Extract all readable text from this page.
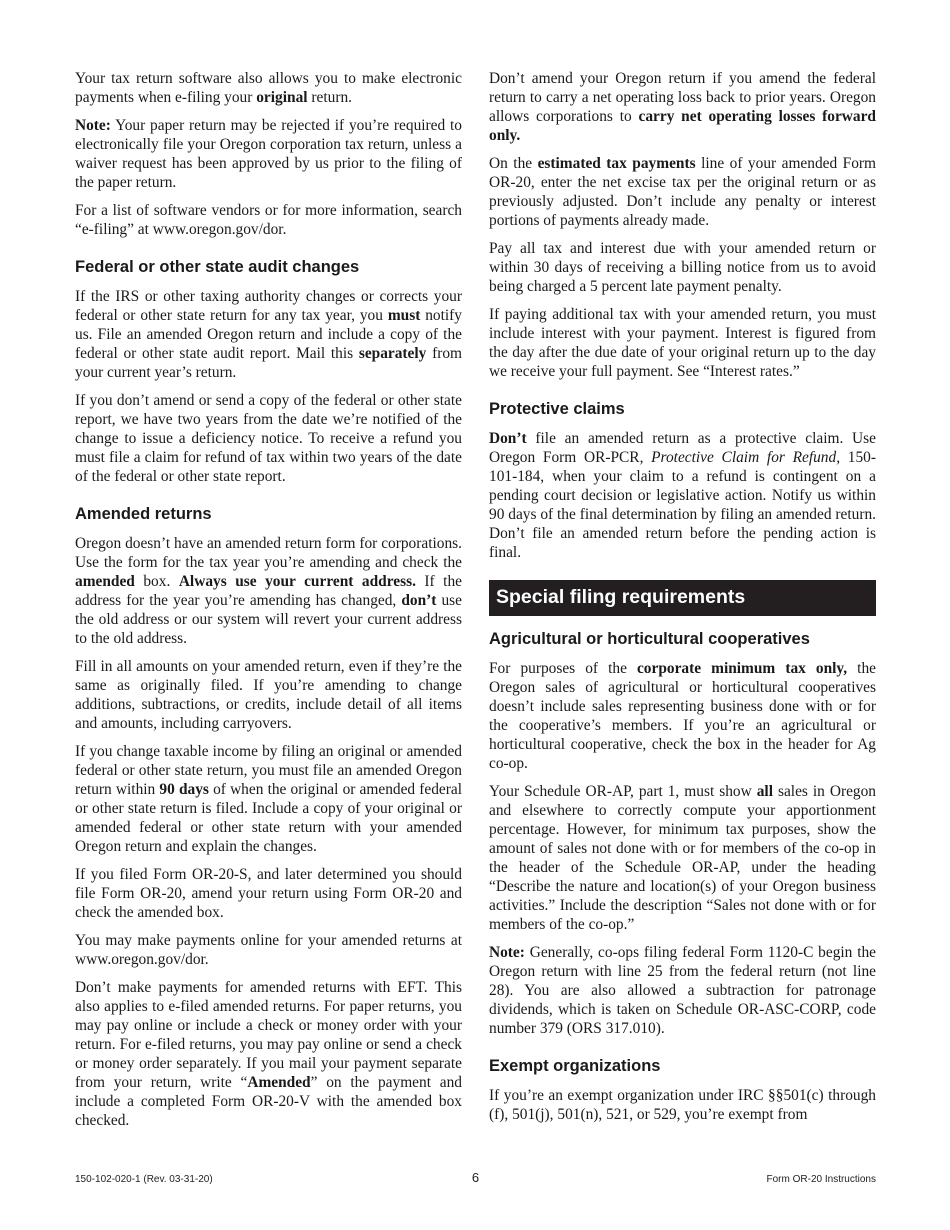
Your tax return software also allows you to make electronic payments when e-filing your original return.

Note: Your paper return may be rejected if you’re required to electronically file your Oregon corporation tax return, unless a waiver request has been approved by us prior to the filing of the paper return.

For a list of software vendors or for more information, search “e-filing” at www.oregon.gov/dor.

Federal or other state audit changes

If the IRS or other taxing authority changes or corrects your federal or other state return for any tax year, you must notify us. File an amended Oregon return and include a copy of the federal or other state audit report. Mail this separately from your current year’s return.

If you don’t amend or send a copy of the federal or other state report, we have two years from the date we’re notified of the change to issue a deficiency notice. To receive a refund you must file a claim for refund of tax within two years of the date of the federal or other state report.

Amended returns

Oregon doesn’t have an amended return form for corporations. Use the form for the tax year you’re amending and check the amended box. Always use your current address. If the address for the year you’re amending has changed, don’t use the old address or our system will revert your current address to the old address.

Fill in all amounts on your amended return, even if they’re the same as originally filed. If you’re amending to change additions, subtractions, or credits, include detail of all items and amounts, including carryovers.

If you change taxable income by filing an original or amended federal or other state return, you must file an amended Oregon return within 90 days of when the original or amended federal or other state return is filed. Include a copy of your original or amended federal or other state return with your amended Oregon return and explain the changes.

If you filed Form OR-20-S, and later determined you should file Form OR-20, amend your return using Form OR-20 and check the amended box.

You may make payments online for your amended returns at www.oregon.gov/dor.

Don’t make payments for amended returns with EFT. This also applies to e-filed amended returns. For paper returns, you may pay online or include a check or money order with your return. For e-filed returns, you may pay online or send a check or money order separately. If you mail your payment separate from your return, write “Amended” on the payment and include a completed Form OR-20-V with the amended box checked.

Don’t amend your Oregon return if you amend the federal return to carry a net operating loss back to prior years. Oregon allows corporations to carry net operating losses forward only.

On the estimated tax payments line of your amended Form OR-20, enter the net excise tax per the original return or as previously adjusted. Don’t include any penalty or interest portions of payments already made.

Pay all tax and interest due with your amended return or within 30 days of receiving a billing notice from us to avoid being charged a 5 percent late payment penalty.

If paying additional tax with your amended return, you must include interest with your payment. Interest is figured from the day after the due date of your original return up to the day we receive your full payment. See “Interest rates.”

Protective claims

Don’t file an amended return as a protective claim. Use Oregon Form OR-PCR, Protective Claim for Refund, 150-101-184, when your claim to a refund is contingent on a pending court decision or legislative action. Notify us within 90 days of the final determination by filing an amended return. Don’t file an amended return before the pending action is final.

Special filing requirements
Agricultural or horticultural cooperatives

For purposes of the corporate minimum tax only, the Oregon sales of agricultural or horticultural cooperatives doesn’t include sales representing business done with or for the cooperative’s members. If you’re an agricultural or horticultural cooperative, check the box in the header for Ag co-op.

Your Schedule OR-AP, part 1, must show all sales in Oregon and elsewhere to correctly compute your apportionment percentage. However, for minimum tax purposes, show the amount of sales not done with or for members of the co-op in the header of the Schedule OR-AP, under the heading “Describe the nature and location(s) of your Oregon business activities.” Include the description “Sales not done with or for members of the co-op.”

Note: Generally, co-ops filing federal Form 1120-C begin the Oregon return with line 25 from the federal return (not line 28). You are also allowed a subtraction for patronage dividends, which is taken on Schedule OR-ASC-CORP, code number 379 (ORS 317.010).

Exempt organizations

If you’re an exempt organization under IRC §§501(c) through (f), 501(j), 501(n), 521, or 529, you’re exempt from

150-102-020-1 (Rev. 03-31-20)	6	Form OR-20 Instructions
